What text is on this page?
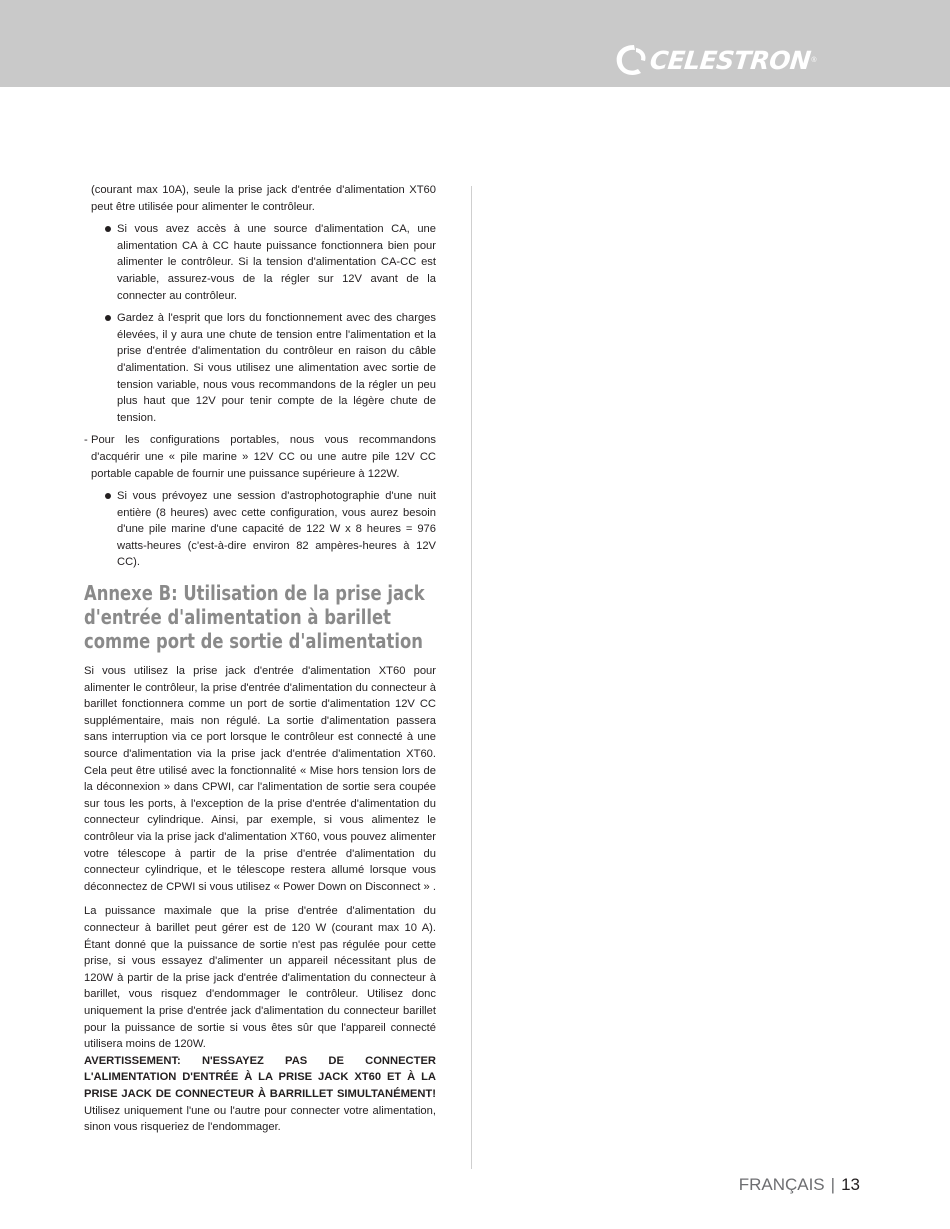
CELESTRON ®

(courant max 10A), seule la prise jack d'entrée d'alimentation XT60 peut être utilisée pour alimenter le contrôleur.

Si vous avez accès à une source d'alimentation CA, une alimentation CA à CC haute puissance fonctionnera bien pour alimenter le contrôleur. Si la tension d'alimentation CA-CC est variable, assurez-vous de la régler sur 12V avant de la connecter au contrôleur.

Gardez à l'esprit que lors du fonctionnement avec des charges élevées, il y aura une chute de tension entre l'alimentation et la prise d'entrée d'alimentation du contrôleur en raison du câble d'alimentation. Si vous utilisez une alimentation avec sortie de tension variable, nous vous recommandons de la régler un peu plus haut que 12V pour tenir compte de la légère chute de tension.

- Pour les configurations portables, nous vous recommandons d'acquérir une « pile marine » 12V CC ou une autre pile 12V CC portable capable de fournir une puissance supérieure à 122W.

Si vous prévoyez une session d'astrophotographie d'une nuit entière (8 heures) avec cette configuration, vous aurez besoin d'une pile marine d'une capacité de 122 W x 8 heures = 976 watts-heures (c'est-à-dire environ 82 ampères-heures à 12V CC).

Annexe B: Utilisation de la prise jack d'entrée d'alimentation à barillet comme port de sortie d'alimentation

Si vous utilisez la prise jack d'entrée d'alimentation XT60 pour alimenter le contrôleur, la prise d'entrée d'alimentation du connecteur à barillet fonctionnera comme un port de sortie d'alimentation 12V CC supplémentaire, mais non régulé. La sortie d'alimentation passera sans interruption via ce port lorsque le contrôleur est connecté à une source d'alimentation via la prise jack d'entrée d'alimentation XT60. Cela peut être utilisé avec la fonctionnalité « Mise hors tension lors de la déconnexion » dans CPWI, car l'alimentation de sortie sera coupée sur tous les ports, à l'exception de la prise d'entrée d'alimentation du connecteur cylindrique. Ainsi, par exemple, si vous alimentez le contrôleur via la prise jack d'alimentation XT60, vous pouvez alimenter votre télescope à partir de la prise d'entrée d'alimentation du connecteur cylindrique, et le télescope restera allumé lorsque vous déconnectez de CPWI si vous utilisez « Power Down on Disconnect » .

La puissance maximale que la prise d'entrée d'alimentation du connecteur à barillet peut gérer est de 120 W (courant max 10 A). Étant donné que la puissance de sortie n'est pas régulée pour cette prise, si vous essayez d'alimenter un appareil nécessitant plus de 120W à partir de la prise jack d'entrée d'alimentation du connecteur à barillet, vous risquez d'endommager le contrôleur. Utilisez donc uniquement la prise d'entrée jack d'alimentation du connecteur barillet pour la puissance de sortie si vous êtes sûr que l'appareil connecté utilisera moins de 120W.

AVERTISSEMENT: N'ESSAYEZ PAS DE CONNECTER L'ALIMENTATION D'ENTRÉE À LA PRISE JACK XT60 ET À LA PRISE JACK DE CONNECTEUR À BARRILLET SIMULTANÉMENT! Utilisez uniquement l'une ou l'autre pour connecter votre alimentation, sinon vous risqueriez de l'endommager.

FRANÇAIS | 13
